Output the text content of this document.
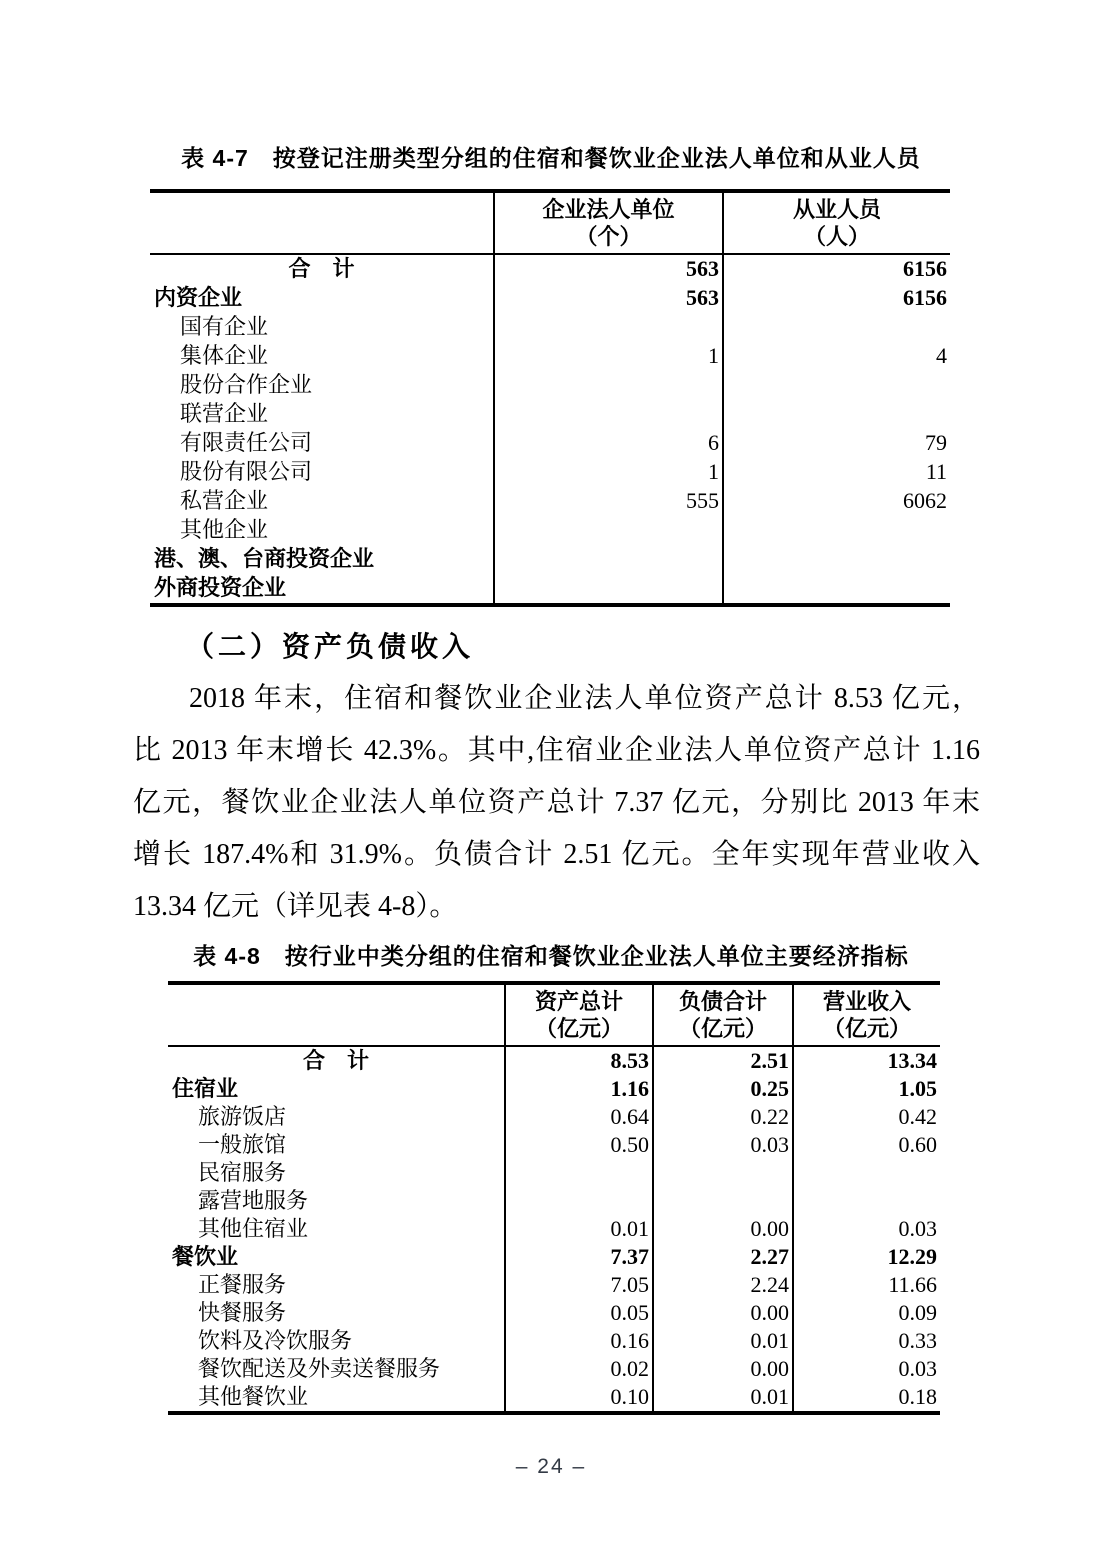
表 4-7　按登记注册类型分组的住宿和餐饮业企业法人单位和从业人员

企业法人单位
（个）

从业人员
（人）

合　计	563	6156
内资企业	563	6156
国有企业		
集体企业	1	4
股份合作企业		
联营企业		
有限责任公司	6	79
股份有限公司	1	11
私营企业	555	6062
其他企业		
港、澳、台商投资企业		
外商投资企业		
（二）资产负债收入
2018 年末，住宿和餐饮业企业法人单位资产总计 8.53 亿元，
比 2013 年末增长 42.3%。其中,住宿业企业法人单位资产总计 1.16
亿元，餐饮业企业法人单位资产总计 7.37 亿元，分别比 2013 年末
增长 187.4%和 31.9%。负债合计 2.51 亿元。全年实现年营业收入
13.34 亿元（详见表 4-8）。
表 4-8　按行业中类分组的住宿和餐饮业企业法人单位主要经济指标

资产总计
（亿元）

负债合计
（亿元）

营业收入
（亿元）

合　计	8.53	2.51	13.34
住宿业	1.16	0.25	1.05
旅游饭店	0.64	0.22	0.42
一般旅馆	0.50	0.03	0.60
民宿服务			
露营地服务			
其他住宿业	0.01	0.00	0.03
餐饮业	7.37	2.27	12.29
正餐服务	7.05	2.24	11.66
快餐服务	0.05	0.00	0.09
饮料及冷饮服务	0.16	0.01	0.33
餐饮配送及外卖送餐服务	0.02	0.00	0.03
其他餐饮业	0.10	0.01	0.18
– 24 –
